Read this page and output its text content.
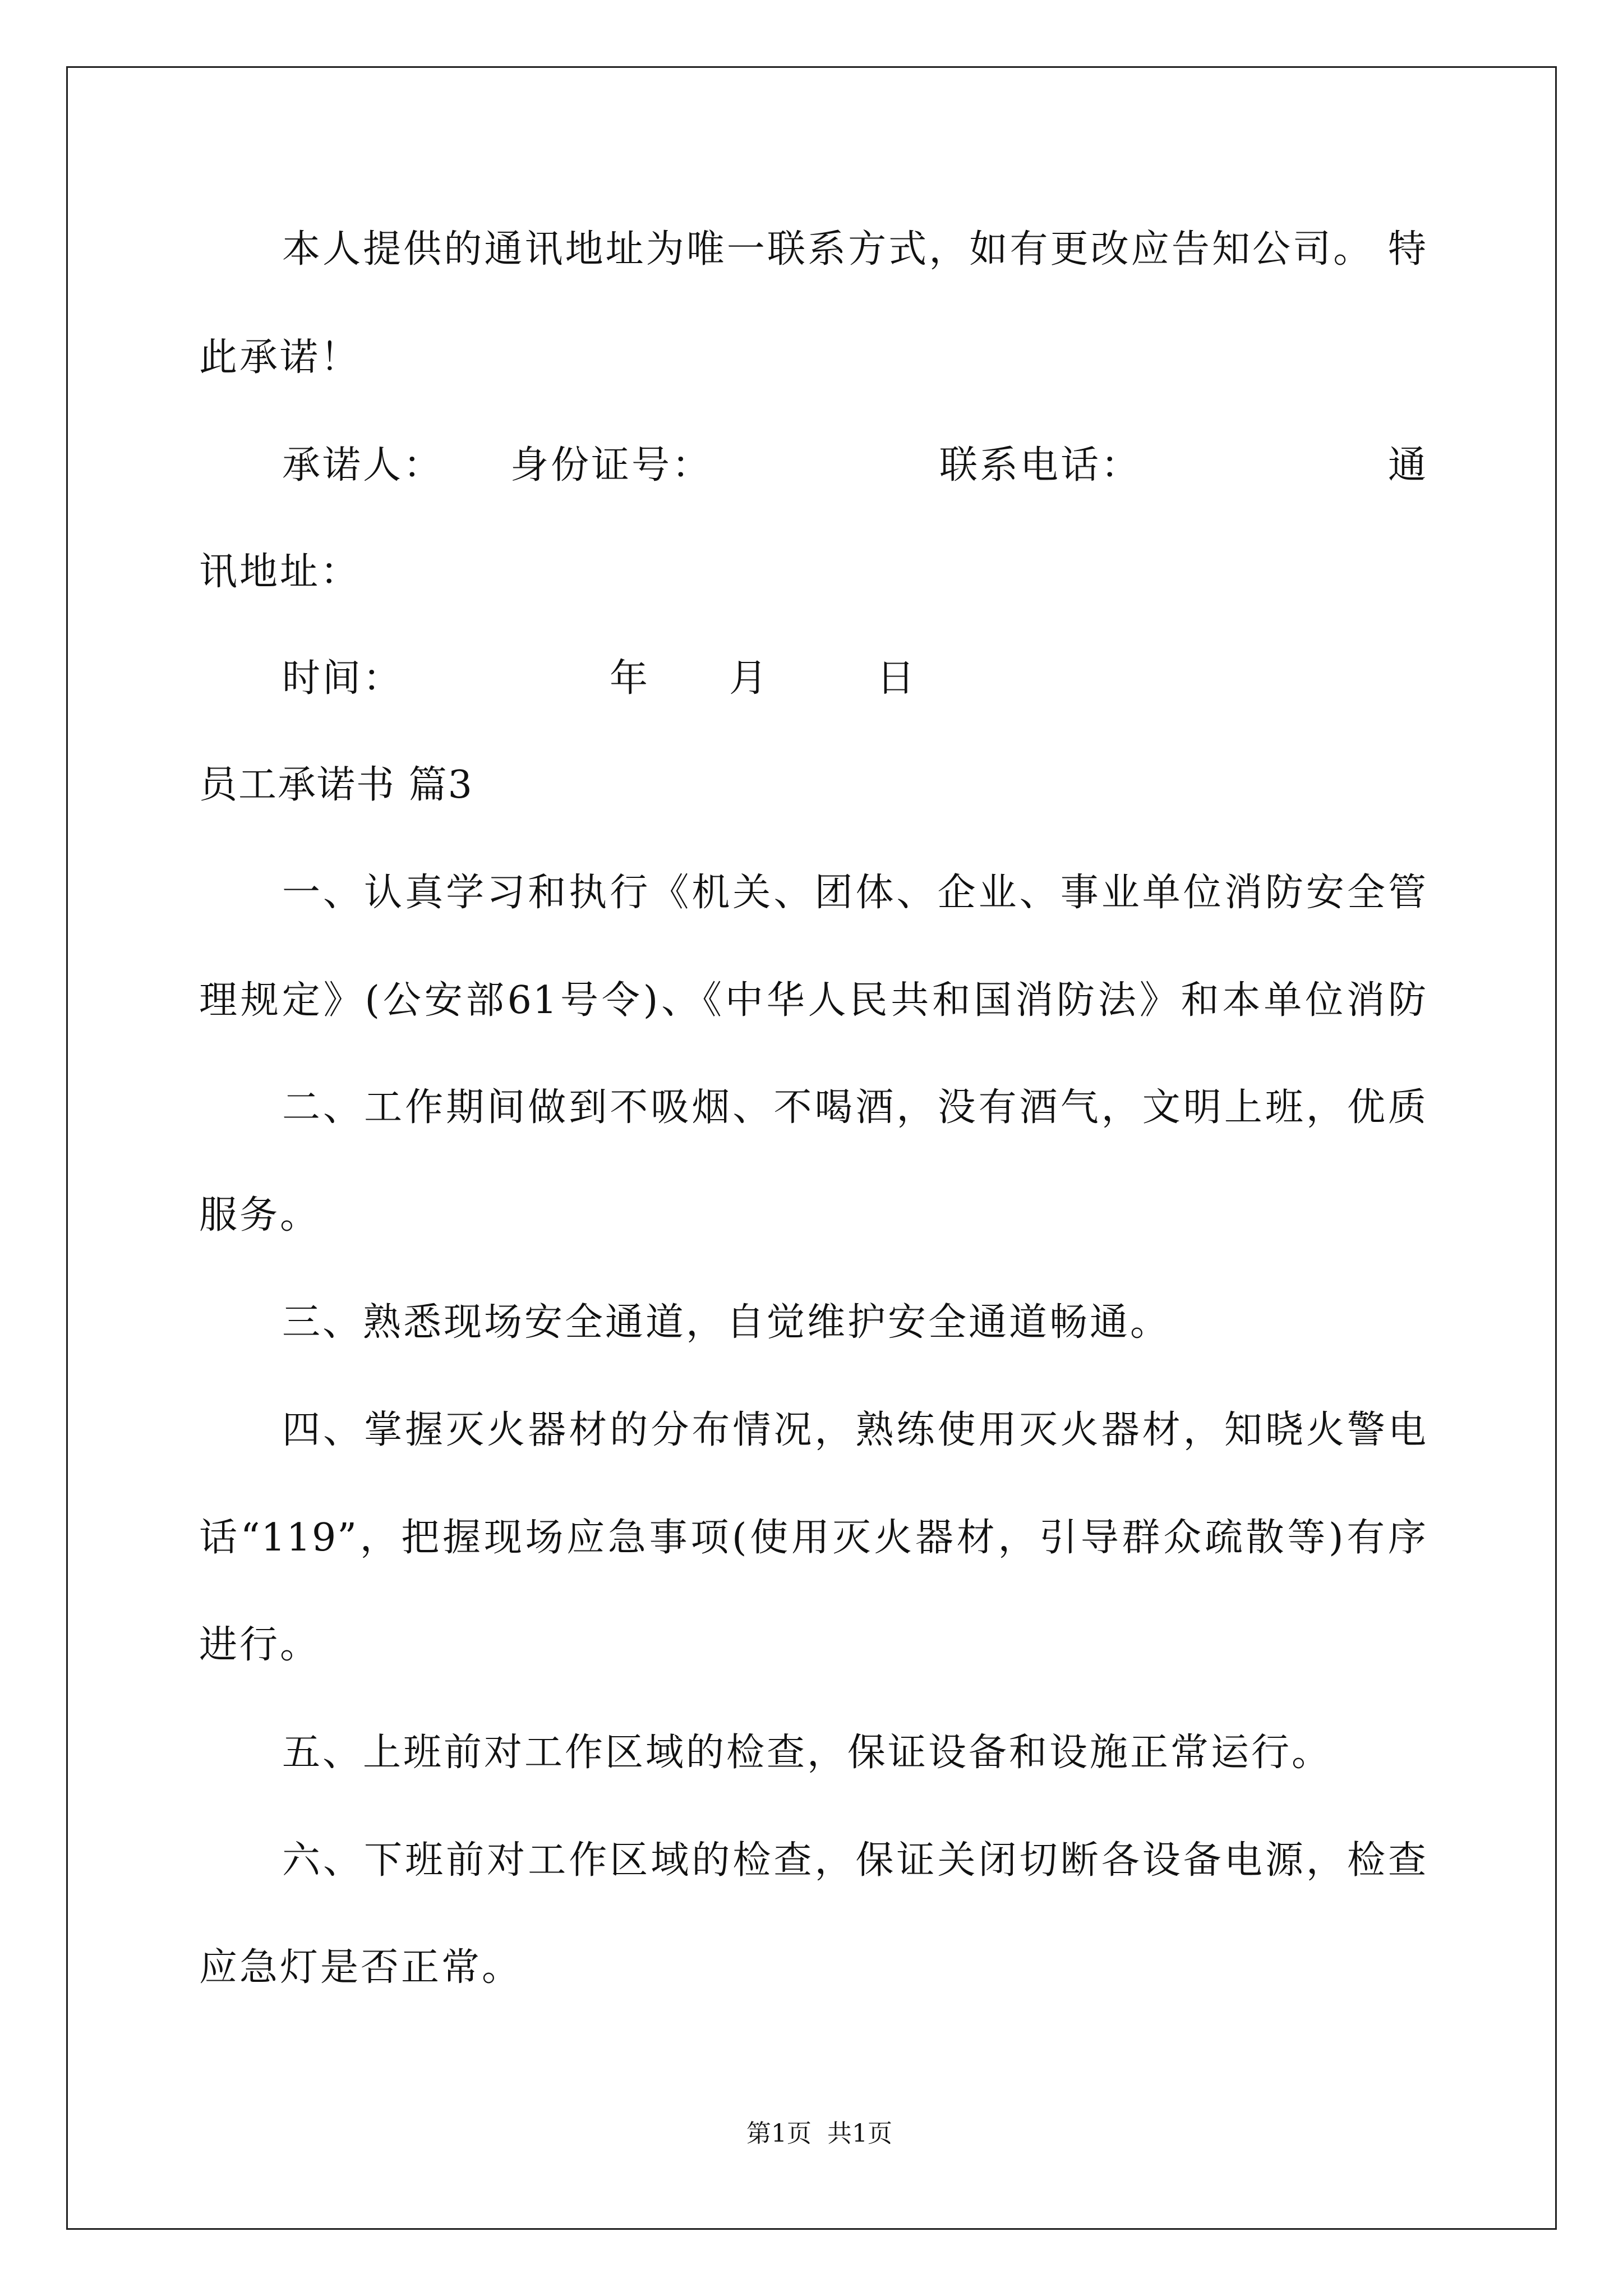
本人提供的通讯地址为唯一联系方式，如有更改应告知公司。 特
此承诺！
承诺人： 身份证号：	联系电话：	通
讯地址：
时间：	年 月	日
员工承诺书 篇3
一、认真学习和执行《机关、团体、企业、事业单位消防安全管
理规定》(公安部61号令)、《中华人民共和国消防法》和本单位消防
二、工作期间做到不吸烟、不喝酒，没有酒气，文明上班，优质
服务。
三、熟悉现场安全通道，自觉维护安全通道畅通。
四、掌握灭火器材的分布情况，熟练使用灭火器材，知晓火警电
话“119”，把握现场应急事项(使用灭火器材，引导群众疏散等)有序
进行。
五、上班前对工作区域的检查，保证设备和设施正常运行。
六、下班前对工作区域的检查，保证关闭切断各设备电源，检查
应急灯是否正常。

第1页 共1页
